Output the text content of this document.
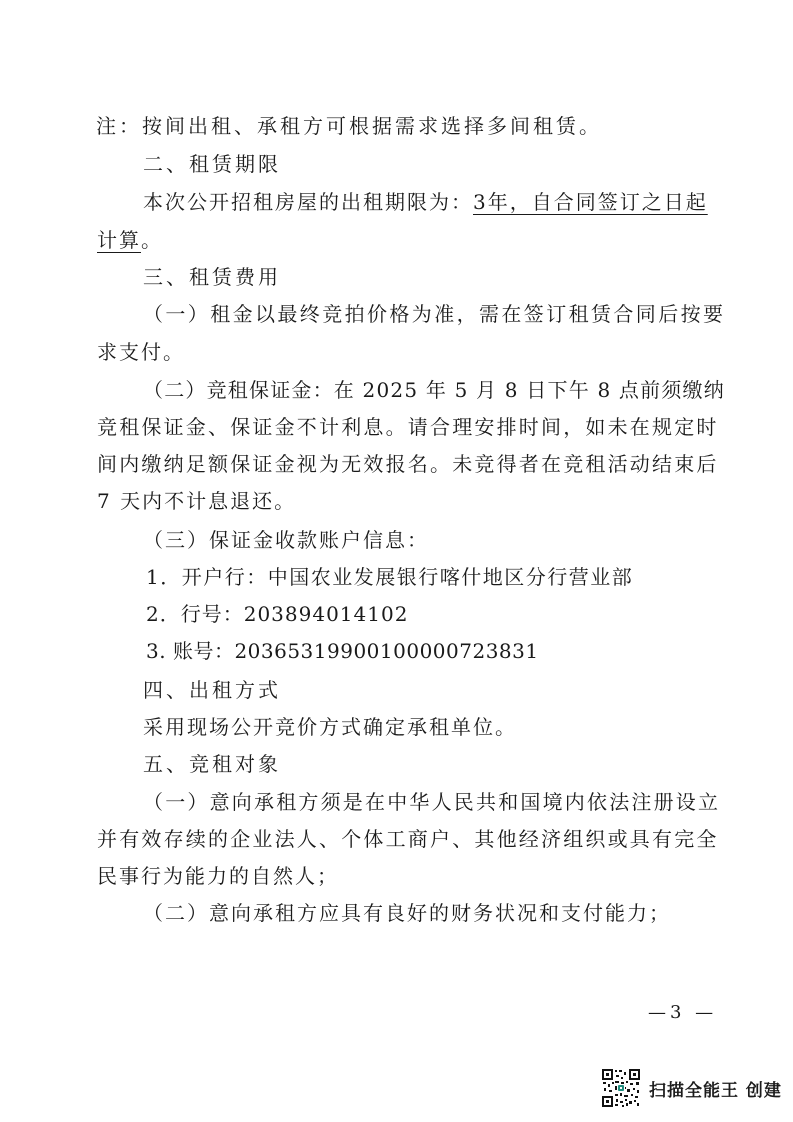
注：按间出租、承租方可根据需求选择多间租赁。
二、租赁期限
本次公开招租房屋的出租期限为：3年，自合同签订之日起
计算。
三、租赁费用
（一）租金以最终竞拍价格为准，需在签订租赁合同后按要
求支付。
（二）竞租保证金：在 2025 年 5 月 8 日下午 8 点前须缴纳
竞租保证金、保证金不计利息。请合理安排时间，如未在规定时
间内缴纳足额保证金视为无效报名。未竞得者在竞租活动结束后
7 天内不计息退还。
（三）保证金收款账户信息：
1．开户行：中国农业发展银行喀什地区分行营业部
2．行号：203894014102
3. 账号：20365319900100000723831
四、出租方式
采用现场公开竞价方式确定承租单位。
五、竞租对象
（一）意向承租方须是在中华人民共和国境内依法注册设立
并有效存续的企业法人、个体工商户、其他经济组织或具有完全
民事行为能力的自然人；
（二）意向承租方应具有良好的财务状况和支付能力；
—3 —
扫描全能王 创建
